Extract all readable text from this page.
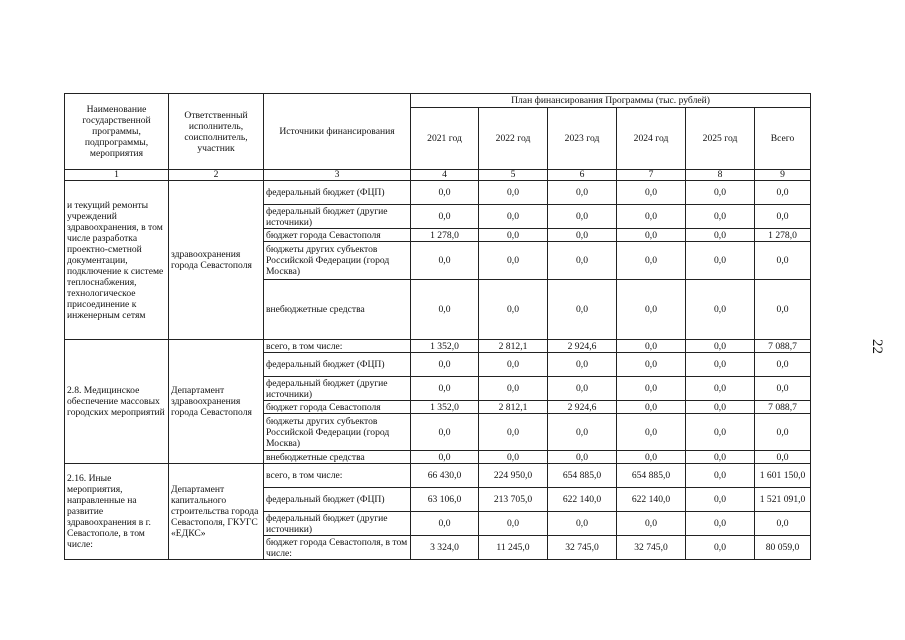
22
Наименование государственной программы, подпрограммы, мероприятия	Ответственный исполнитель, соисполнитель, участник	Источники финансирования	План финансирования Программы (тыс. рублей)					
			2021 год	2022 год	2023 год	2024 год	2025 год	Всего
1	2	3	4	5	6	7	8	9
и текущий ремонты учреждений здравоохранения, в том числе разработка проектно-сметной документации, подключение к системе теплоснабжения, технологическое присоединение к инженерным сетям	здравоохранения города Севастополя	федеральный бюджет (ФЦП)	0,0	0,0	0,0	0,0	0,0	0,0
		федеральный бюджет (другие источники)	0,0	0,0	0,0	0,0	0,0	0,0
		бюджет города Севастополя	1 278,0	0,0	0,0	0,0	0,0	1 278,0
		бюджеты других субъектов Российской Федерации (город Москва)	0,0	0,0	0,0	0,0	0,0	0,0
		внебюджетные средства	0,0	0,0	0,0	0,0	0,0	0,0
2.8. Медицинское обеспечение массовых городских мероприятий	Департамент здравоохранения города Севастополя	всего, в том числе:	1 352,0	2 812,1	2 924,6	0,0	0,0	7 088,7
		федеральный бюджет (ФЦП)	0,0	0,0	0,0	0,0	0,0	0,0
		федеральный бюджет (другие источники)	0,0	0,0	0,0	0,0	0,0	0,0
		бюджет города Севастополя	1 352,0	2 812,1	2 924,6	0,0	0,0	7 088,7
		бюджеты других субъектов Российской Федерации (город Москва)	0,0	0,0	0,0	0,0	0,0	0,0
		внебюджетные средства	0,0	0,0	0,0	0,0	0,0	0,0
2.16. Иные мероприятия, направленные на развитие здравоохранения в г. Севастополе, в том числе:	Департамент капитального строительства города Севастополя, ГКУГС «ЕДКС»	всего, в том числе:	66 430,0	224 950,0	654 885,0	654 885,0	0,0	1 601 150,0
		федеральный бюджет (ФЦП)	63 106,0	213 705,0	622 140,0	622 140,0	0,0	1 521 091,0
		федеральный бюджет (другие источники)	0,0	0,0	0,0	0,0	0,0	0,0
		бюджет города Севастополя, в том числе:	3 324,0	11 245,0	32 745,0	32 745,0	0,0	80 059,0
